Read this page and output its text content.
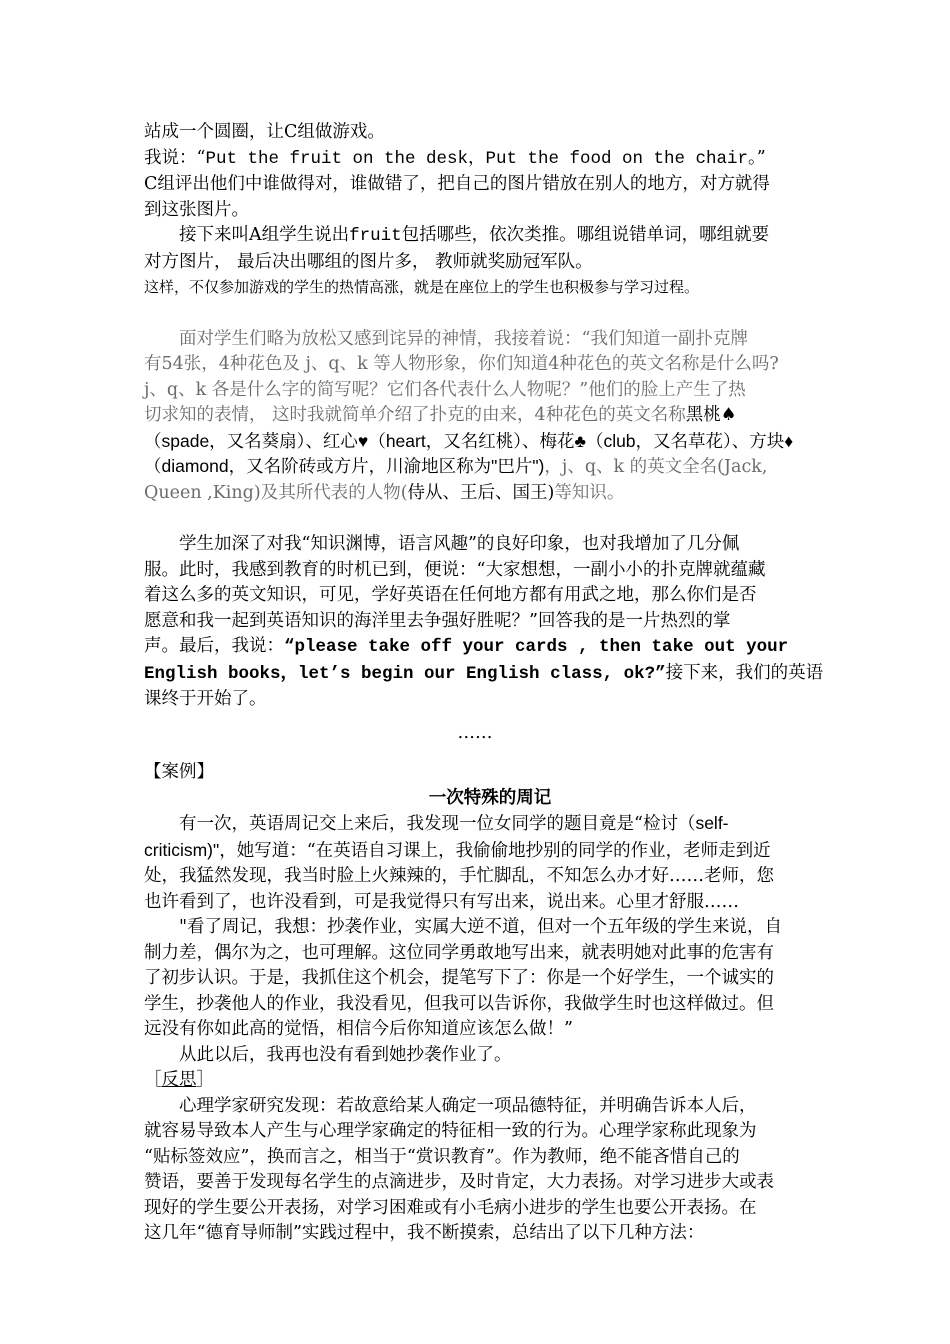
站成一个圆圈，让C组做游戏。
我说：“Put the fruit on the desk，Put the food on the chair。”
C组评出他们中谁做得对，谁做错了，把自己的图片错放在别人的地方，对方就得
到这张图片。
　　接下来叫A组学生说出fruit包括哪些，依次类推。哪组说错单词，哪组就要
对方图片， 最后决出哪组的图片多， 教师就奖励冠军队。
这样，不仅参加游戏的学生的热情高涨，就是在座位上的学生也积极参与学习过程。
　　面对学生们略为放松又感到诧异的神情，我接着说：“我们知道一副扑克牌
有54张，4种花色及 j、q、k 等人物形象，你们知道4种花色的英文名称是什么吗?
j、q、k 各是什么字的简写呢？它们各代表什么人物呢？”他们的脸上产生了热
切求知的表情， 这时我就简单介绍了扑克的由来，4种花色的英文名称黑桃♠
（spade，又名葵扇）、红心♥（heart，又名红桃）、梅花♣（club，又名草花）、方块♦
（diamond，又名阶砖或方片，川渝地区称为"巴片")，j、q、k 的英文全名(Jack,
Queen ,King)及其所代表的人物(侍从、王后、国王)等知识。
　　学生加深了对我“知识渊博，语言风趣”的良好印象，也对我增加了几分佩
服。此时，我感到教育的时机已到，便说：“大家想想，一副小小的扑克牌就蕴藏
着这么多的英文知识，可见，学好英语在任何地方都有用武之地，那么你们是否
愿意和我一起到英语知识的海洋里去争强好胜呢？”回答我的是一片热烈的掌
声。最后，我说：“please take off your cards , then take out your
English books，let’s begin our English class, ok?”接下来，我们的英语
课终于开始了。
……
【案例】
一次特殊的周记
　　有一次，英语周记交上来后，我发现一位女同学的题目竟是“检讨（self-
criticism)"，她写道：“在英语自习课上，我偷偷地抄别的同学的作业，老师走到近
处，我猛然发现，我当时脸上火辣辣的，手忙脚乱，不知怎么办才好……老师，您
也许看到了，也许没看到，可是我觉得只有写出来，说出来。心里才舒服……
　　"看了周记，我想：抄袭作业，实属大逆不道，但对一个五年级的学生来说，自
制力差，偶尔为之，也可理解。这位同学勇敢地写出来，就表明她对此事的危害有
了初步认识。于是，我抓住这个机会，提笔写下了：你是一个好学生，一个诚实的
学生，抄袭他人的作业，我没看见，但我可以告诉你，我做学生时也这样做过。但
远没有你如此高的觉悟，相信今后你知道应该怎么做！”
　　从此以后，我再也没有看到她抄袭作业了。
［反思］
　　心理学家研究发现：若故意给某人确定一项品德特征，并明确告诉本人后，
就容易导致本人产生与心理学家确定的特征相一致的行为。心理学家称此现象为
“贴标签效应”，换而言之，相当于“赏识教育”。作为教师，绝不能吝惜自己的
赞语，要善于发现每名学生的点滴进步，及时肯定，大力表扬。对学习进步大或表
现好的学生要公开表扬，对学习困难或有小毛病小进步的学生也要公开表扬。在
这几年“德育导师制”实践过程中，我不断摸索，总结出了以下几种方法：
